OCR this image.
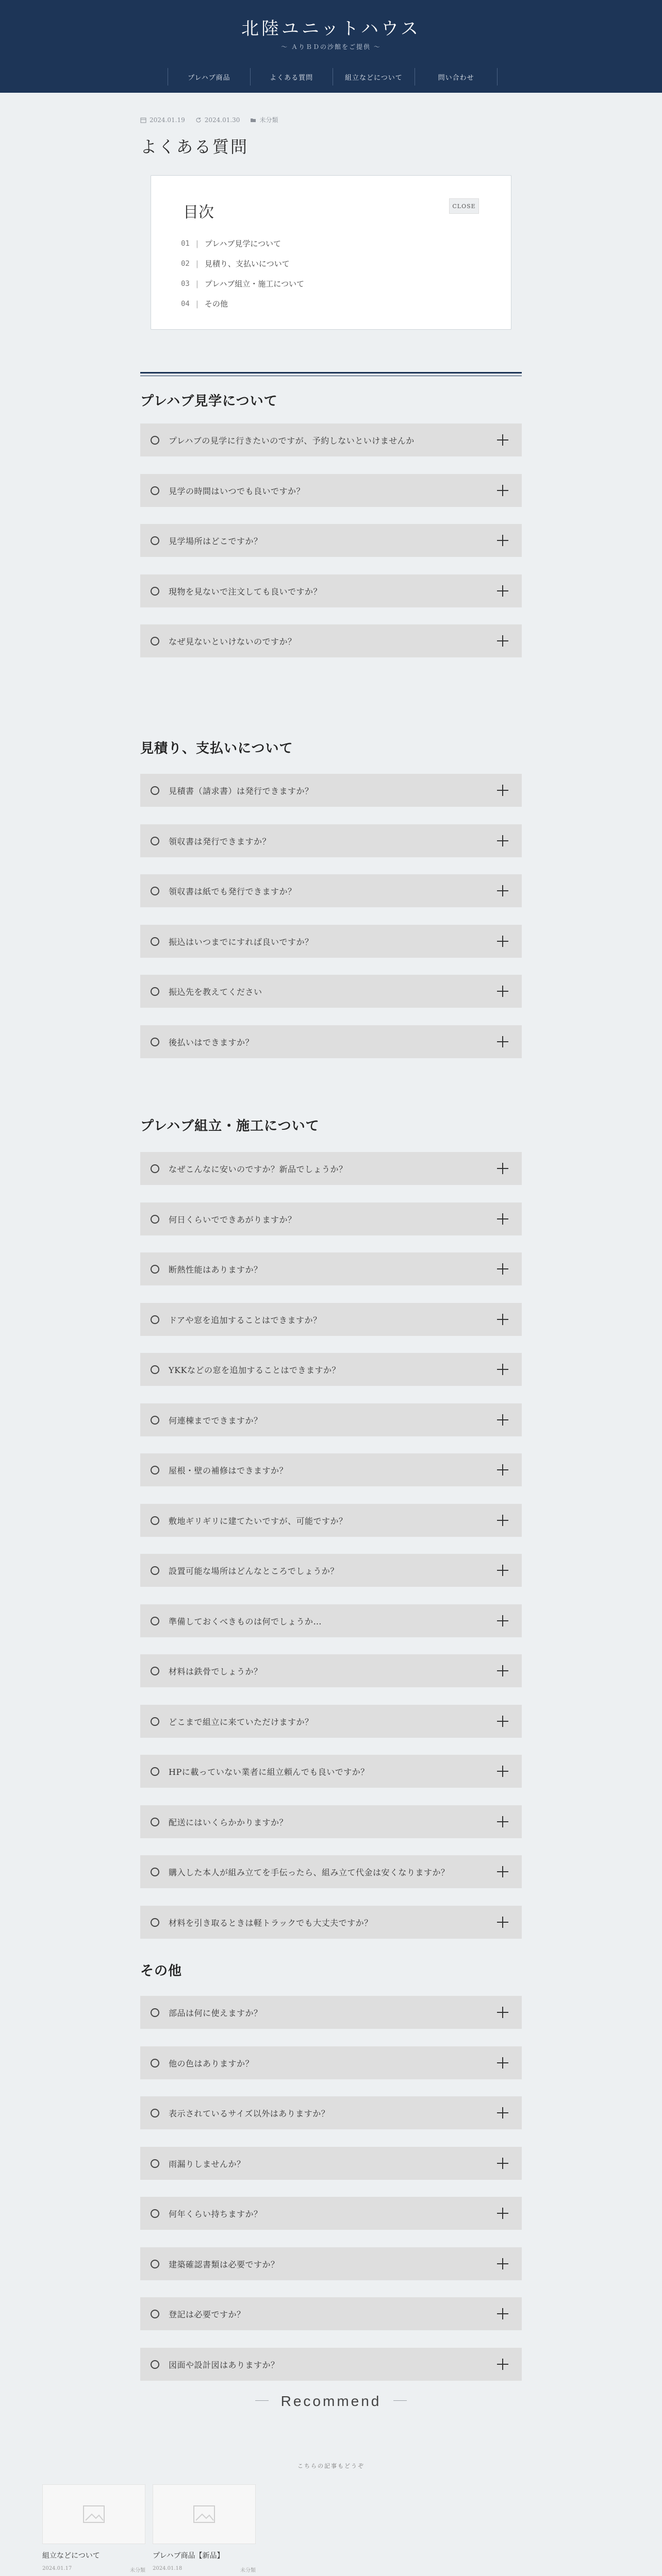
北陸ユニットハウス
〜 ＡりＢＤの沙館をご提供 〜
プレハブ商品	よくある質問	組立などについて	問い合わせ
2024.01.19	2024.01.30	未分類
よくある質問
目次	CLOSE
01 | プレハブ見学について
02 | 見積り、支払いについて
03 | プレハブ組立・施工について
04 | その他
プレハブ見学について
プレハブの見学に行きたいのですが、予約しないといけませんか
見学の時間はいつでも良いですか？
見学場所はどこですか？
現物を見ないで注文しても良いですか？
なぜ見ないといけないのですか？
見積り、支払いについて
見積書（請求書）は発行できますか？
領収書は発行できますか？
領収書は紙でも発行できますか？
振込はいつまでにすれば良いですか？
振込先を教えてください
後払いはできますか？
プレハブ組立・施工について
なぜこんなに安いのですか？新品でしょうか？
何日くらいでできあがりますか？
断熱性能はありますか？
ドアや窓を追加することはできますか？
YKKなどの窓を追加することはできますか？
何連棟までできますか？
屋根・壁の補修はできますか？
敷地ギリギリに建てたいですが、可能ですか？
設置可能な場所はどんなところでしょうか？
準備しておくべきものは何でしょうか…
材料は鉄骨でしょうか？
どこまで組立に来ていただけますか？
HPに載っていない業者に組立頼んでも良いですか？
配送にはいくらかかりますか？
購入した本人が組み立てを手伝ったら、組み立て代金は安くなりますか？
材料を引き取るときは軽トラックでも大丈夫ですか？
その他
部品は何に使えますか？
他の色はありますか？
表示されているサイズ以外はありますか？
雨漏りしませんか？
何年くらい持ちますか？
建築確認書類は必要ですか？
登記は必要ですか？
図面や設計図はありますか？
Recommend
こちらの記事もどうぞ
組立などについて
2024.01.17	未分類
プレハブ商品【新品】
2024.01.18	未分類
